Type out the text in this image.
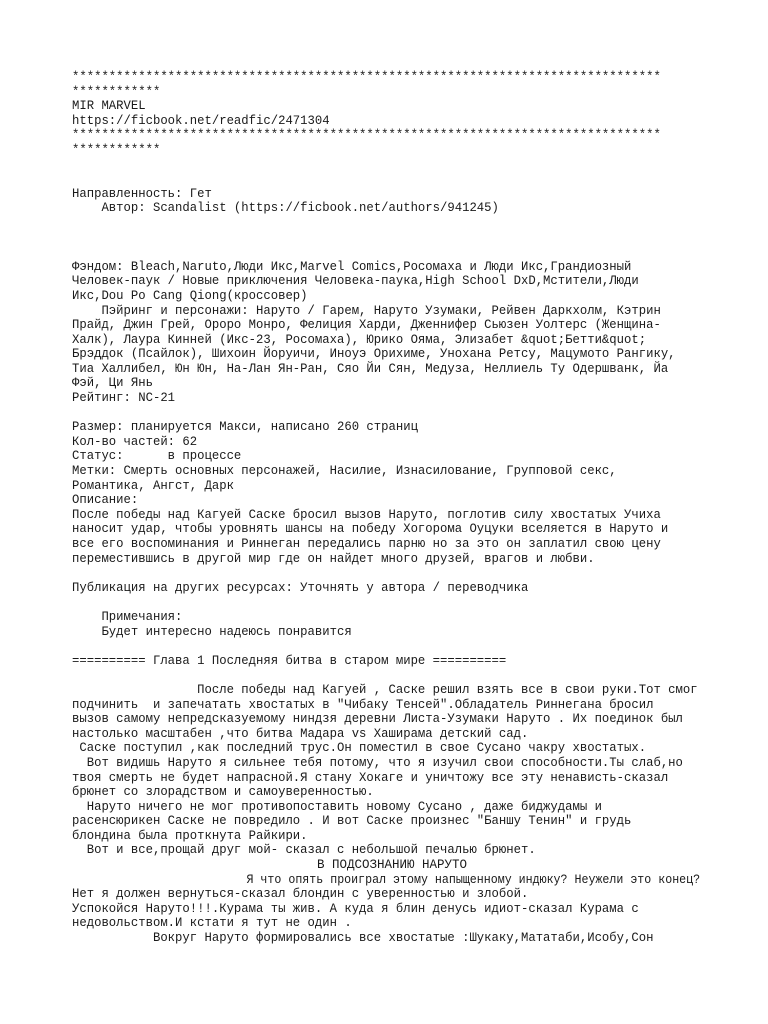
********************************************************************************
************
MIR MARVEL
https://ficbook.net/readfic/2471304
********************************************************************************
************
Направленность: Гет
Автор: Scandalist (https://ficbook.net/authors/941245)
Фэндом: Bleach,Naruto,Люди Икс,Marvel Comics,Росомаха и Люди Икс,Грандиозный
Человек-паук / Новые приключения Человека-паука,High School DxD,Мстители,Люди
Икс,Dou Po Cang Qiong(кроссовер)
Пэйринг и персонажи: Наруто / Гарем, Наруто Узумаки, Рейвен Даркхолм, Кэтрин
Прайд, Джин Грей, Ороро Монро, Фелиция Харди, Дженнифер Сьюзен Уолтерс (Женщина-
Халк), Лаура Кинней (Икс-23, Росомаха), Юрико Ояма, Элизабет &quot;Бетти&quot;
Брэддок (Псайлок), Шихоин Йоруичи, Иноуэ Орихиме, Унохана Ретсу, Мацумото Рангику,
Тиа Халлибел, Юн Юн, На-Лан Ян-Ран, Сяо Йи Сян, Медуза, Неллиель Ту Одершванк, Йа
Фэй, Ци Янь
Рейтинг: NC-21
Размер: планируется Макси, написано 260 страниц
Кол-во частей: 62
Статус:      в процессе
Метки: Смерть основных персонажей, Насилие, Изнасилование, Групповой секс,
Романтика, Ангст, Дарк
Описание:
После победы над Кагуей Саске бросил вызов Наруто, поглотив силу хвостатых Учиха
наносит удар, чтобы уровнять шансы на победу Хогорома Оуцуки вселяется в Наруто и
все его воспоминания и Риннеган передались парню но за это он заплатил свою цену
переместившись в другой мир где он найдет много друзей, врагов и любви.
Публикация на других ресурсах: Уточнять у автора / переводчика
Примечания:
Будет интересно надеюсь понравится
========== Глава 1 Последняя битва в старом мире ==========
После победы над Кагуей , Саске решил взять все в свои руки.Тот смог
подчинить  и запечатать хвостатых в "Чибаку Тенсей".Обладатель Риннегана бросил
вызов самому непредсказуемому ниндзя деревни Листа-Узумаки Наруто . Их поединок был
настолько масштабен ,что битва Мадара vs Хаширама детский сад.
Саске поступил ,как последний трус.Он поместил в свое Сусано чакру хвостатых.
Вот видишь Наруто я сильнее тебя потому, что я изучил свои способности.Ты слаб,но
твоя смерть не будет напрасной.Я стану Хокаге и уничтожу все эту ненависть-сказал
брюнет со злорадством и самоуверенностью.
Наруто ничего не мог противопоставить новому Сусано , даже биджудамы и
расенсюрикен Саске не повредило . И вот Саске произнес "Баншу Тенин" и грудь
блондина была проткнута Райкири.
Вот и все,прощай друг мой- сказал с небольшой печалью брюнет.
В ПОДСОЗНАНИЮ НАРУТО
Я что опять проиграл этому напыщенному индюку? Неужели это конец?
Нет я должен вернуться-сказал блондин с уверенностью и злобой.
Успокойся Наруто!!!.Курама ты жив. А куда я блин денусь идиот-сказал Курама с
недовольством.И кстати я тут не один .
Вокруг Наруто формировались все хвостатые :Шукаку,Мататаби,Исобу,Сон
